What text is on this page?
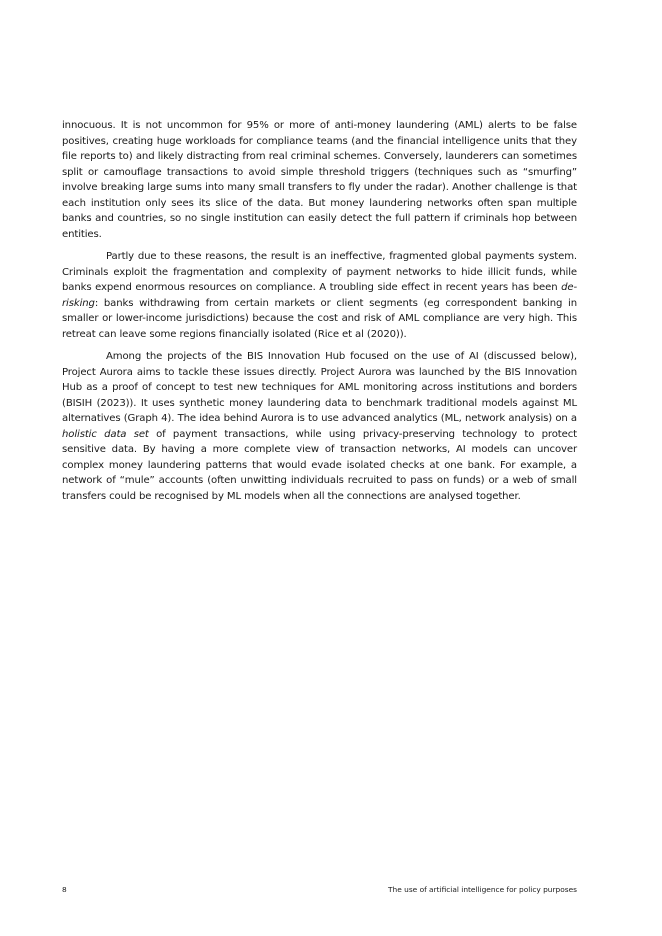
innocuous. It is not uncommon for 95% or more of anti-money laundering (AML) alerts to be false positives, creating huge workloads for compliance teams (and the financial intelligence units that they file reports to) and likely distracting from real criminal schemes. Conversely, launderers can sometimes split or camouflage transactions to avoid simple threshold triggers (techniques such as “smurfing” involve breaking large sums into many small transfers to fly under the radar). Another challenge is that each institution only sees its slice of the data. But money laundering networks often span multiple banks and countries, so no single institution can easily detect the full pattern if criminals hop between entities.

Partly due to these reasons, the result is an ineffective, fragmented global payments system. Criminals exploit the fragmentation and complexity of payment networks to hide illicit funds, while banks expend enormous resources on compliance. A troubling side effect in recent years has been de-risking: banks withdrawing from certain markets or client segments (eg correspondent banking in smaller or lower-income jurisdictions) because the cost and risk of AML compliance are very high. This retreat can leave some regions financially isolated (Rice et al (2020)).

Among the projects of the BIS Innovation Hub focused on the use of AI (discussed below), Project Aurora aims to tackle these issues directly. Project Aurora was launched by the BIS Innovation Hub as a proof of concept to test new techniques for AML monitoring across institutions and borders (BISIH (2023)). It uses synthetic money laundering data to benchmark traditional models against ML alternatives (Graph 4). The idea behind Aurora is to use advanced analytics (ML, network analysis) on a holistic data set of payment transactions, while using privacy-preserving technology to protect sensitive data. By having a more complete view of transaction networks, AI models can uncover complex money laundering patterns that would evade isolated checks at one bank. For example, a network of “mule” accounts (often unwitting individuals recruited to pass on funds) or a web of small transfers could be recognised by ML models when all the connections are analysed together.

8	The use of artificial intelligence for policy purposes
